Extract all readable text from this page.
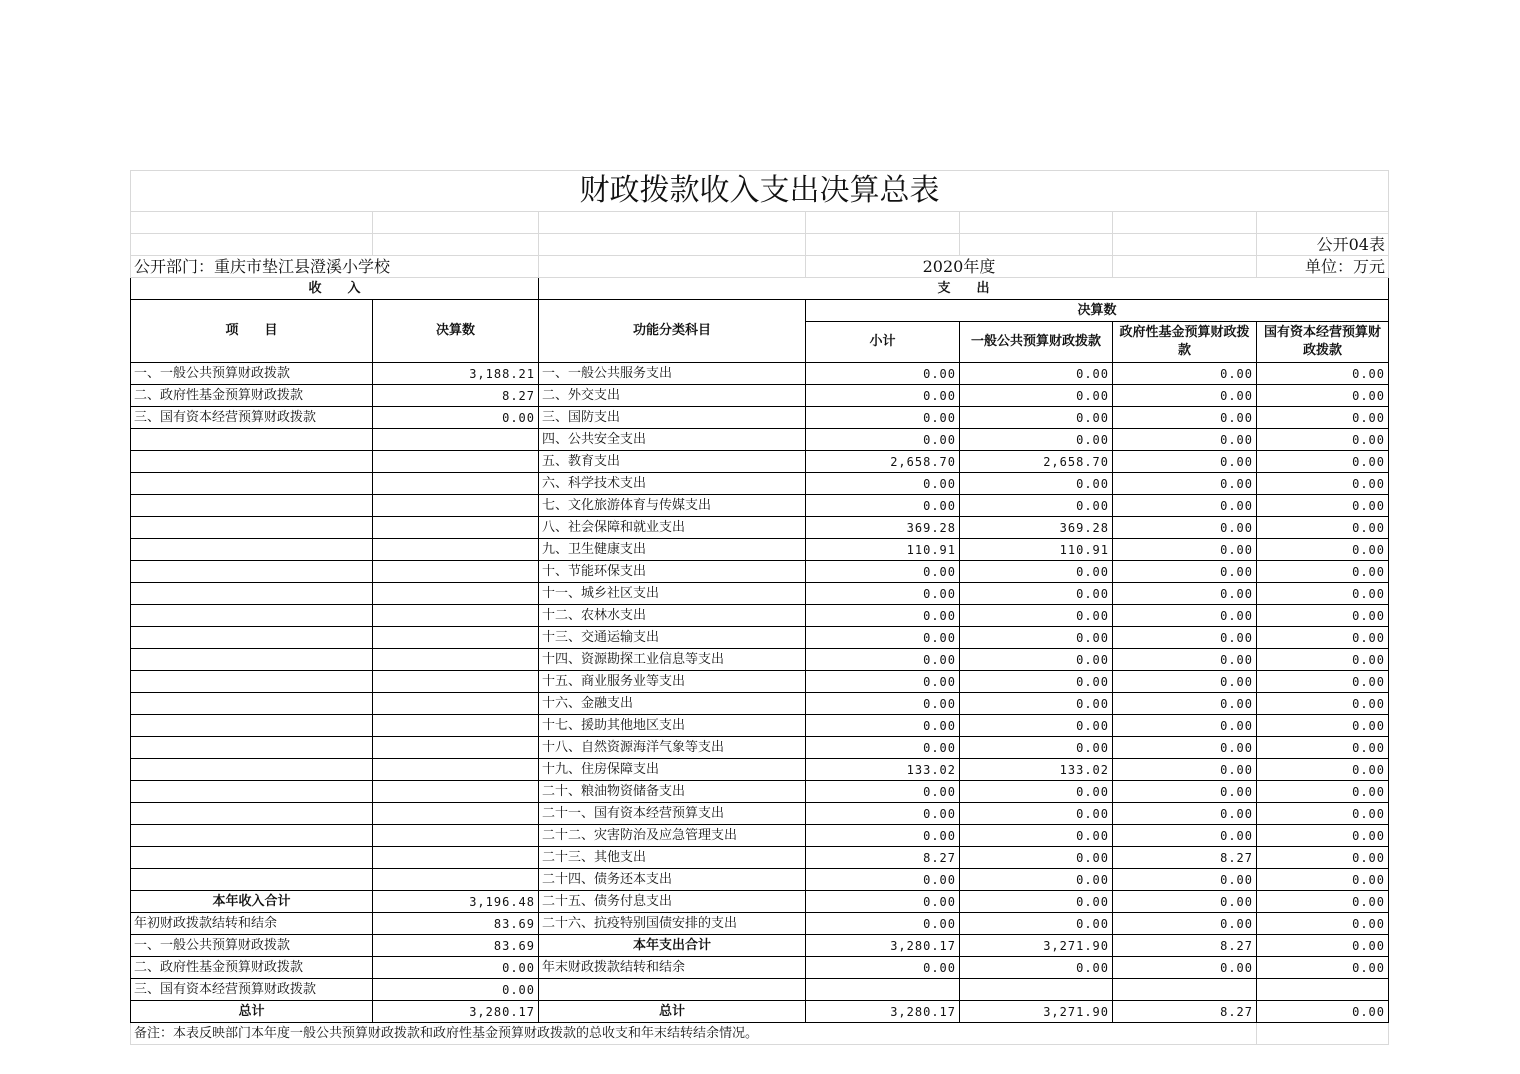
财政拨款收入支出决算总表						

						公开04表
公开部门：重庆市垫江县澄溪小学校			2020年度			单位：万元
收　　入		支　　出				
项　　目	决算数	功能分类科目	决算数			
			小计	一般公共预算财政拨款	政府性基金预算财政拨款	国有资本经营预算财政拨款
一、一般公共预算财政拨款	3,188.21	一、一般公共服务支出	0.00	0.00	0.00	0.00
二、政府性基金预算财政拨款	8.27	二、外交支出	0.00	0.00	0.00	0.00
三、国有资本经营预算财政拨款	0.00	三、国防支出	0.00	0.00	0.00	0.00
		四、公共安全支出	0.00	0.00	0.00	0.00
		五、教育支出	2,658.70	2,658.70	0.00	0.00
		六、科学技术支出	0.00	0.00	0.00	0.00
		七、文化旅游体育与传媒支出	0.00	0.00	0.00	0.00
		八、社会保障和就业支出	369.28	369.28	0.00	0.00
		九、卫生健康支出	110.91	110.91	0.00	0.00
		十、节能环保支出	0.00	0.00	0.00	0.00
		十一、城乡社区支出	0.00	0.00	0.00	0.00
		十二、农林水支出	0.00	0.00	0.00	0.00
		十三、交通运输支出	0.00	0.00	0.00	0.00
		十四、资源勘探工业信息等支出	0.00	0.00	0.00	0.00
		十五、商业服务业等支出	0.00	0.00	0.00	0.00
		十六、金融支出	0.00	0.00	0.00	0.00
		十七、援助其他地区支出	0.00	0.00	0.00	0.00
		十八、自然资源海洋气象等支出	0.00	0.00	0.00	0.00
		十九、住房保障支出	133.02	133.02	0.00	0.00
		二十、粮油物资储备支出	0.00	0.00	0.00	0.00
		二十一、国有资本经营预算支出	0.00	0.00	0.00	0.00
		二十二、灾害防治及应急管理支出	0.00	0.00	0.00	0.00
		二十三、其他支出	8.27	0.00	8.27	0.00
		二十四、债务还本支出	0.00	0.00	0.00	0.00
本年收入合计	3,196.48	二十五、债务付息支出	0.00	0.00	0.00	0.00
年初财政拨款结转和结余	83.69	二十六、抗疫特别国债安排的支出	0.00	0.00	0.00	0.00
一、一般公共预算财政拨款	83.69	本年支出合计	3,280.17	3,271.90	8.27	0.00
二、政府性基金预算财政拨款	0.00	年末财政拨款结转和结余	0.00	0.00	0.00	0.00
三、国有资本经营预算财政拨款	0.00					
总计	3,280.17	总计	3,280.17	3,271.90	8.27	0.00
备注：本表反映部门本年度一般公共预算财政拨款和政府性基金预算财政拨款的总收支和年末结转结余情况。						
